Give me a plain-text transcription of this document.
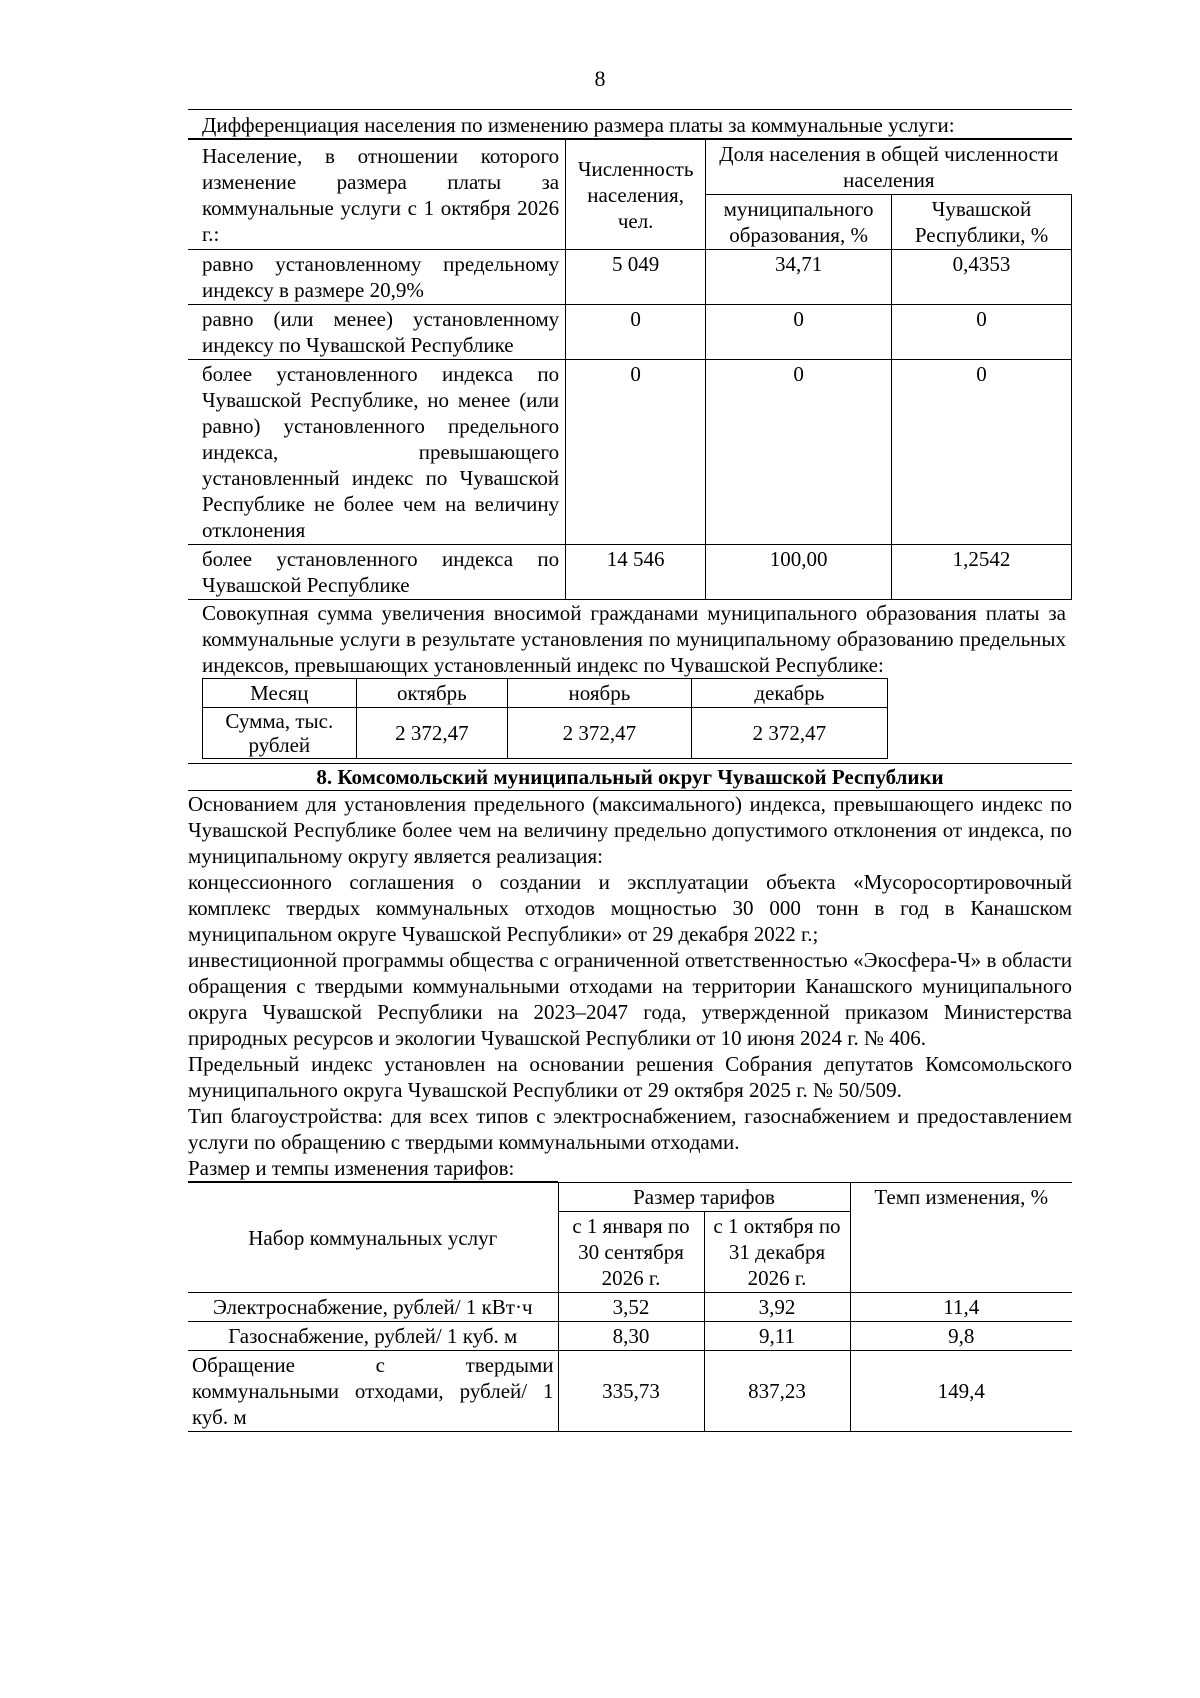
8
Дифференциация населения по изменению размера платы за коммунальные услуги:
Население, в отношении которого изменение размера платы за коммунальные услуги с 1 октября 2026 г.:	Численность населения, чел.	Доля населения в общей численности населения	
		муниципального образования, %	Чувашской Республики, %
равно установленному предельному индексу в размере 20,9%	5 049	34,71	0,4353
равно (или менее) установленному индексу по Чувашской Республике	0	0	0
более установленного индекса по Чувашской Республике, но менее (или равно) установленного предельного индекса, превышающего установленный индекс по Чувашской Республике не более чем на величину отклонения	0	0	0
более установленного индекса по Чувашской Республике	14 546	100,00	1,2542
Совокупная сумма увеличения вносимой гражданами муниципального образования платы за коммунальные услуги в результате установления по муниципальному образованию предельных индексов, превышающих установленный индекс по Чувашской Республике:
Месяц	октябрь	ноябрь	декабрь
Сумма, тыс. рублей	2 372,47	2 372,47	2 372,47
8. Комсомольский муниципальный округ Чувашской Республики
Основанием для установления предельного (максимального) индекса, превышающего индекс по Чувашской Республике более чем на величину предельно допустимого отклонения от индекса, по муниципальному округу является реализация:
концессионного соглашения о создании и эксплуатации объекта «Мусоросортировочный комплекс твердых коммунальных отходов мощностью 30 000 тонн в год в Канашском муниципальном округе Чувашской Республики» от 29 декабря 2022 г.;
инвестиционной программы общества с ограниченной ответственностью «Экосфера-Ч» в области обращения с твердыми коммунальными отходами на территории Канашского муниципального округа Чувашской Республики на 2023–2047 года, утвержденной приказом Министерства природных ресурсов и экологии Чувашской Республики от 10 июня 2024 г. № 406.
Предельный индекс установлен на основании решения Собрания депутатов Комсомольского муниципального округа Чувашской Республики от 29 октября 2025 г. № 50/509.
Тип благоустройства: для всех типов с электроснабжением, газоснабжением и предоставлением услуги по обращению с твердыми коммунальными отходами.
Размер и темпы изменения тарифов:
Набор коммунальных услуг	Размер тарифов		Темп изменения, %
	с 1 января по 30 сентября 2026 г.	с 1 октября по 31 декабря 2026 г.	
Электроснабжение, рублей/ 1 кВт·ч	3,52	3,92	11,4
Газоснабжение, рублей/ 1 куб. м	8,30	9,11	9,8
Обращение с твердыми коммунальными отходами, рублей/ 1 куб. м	335,73	837,23	149,4
